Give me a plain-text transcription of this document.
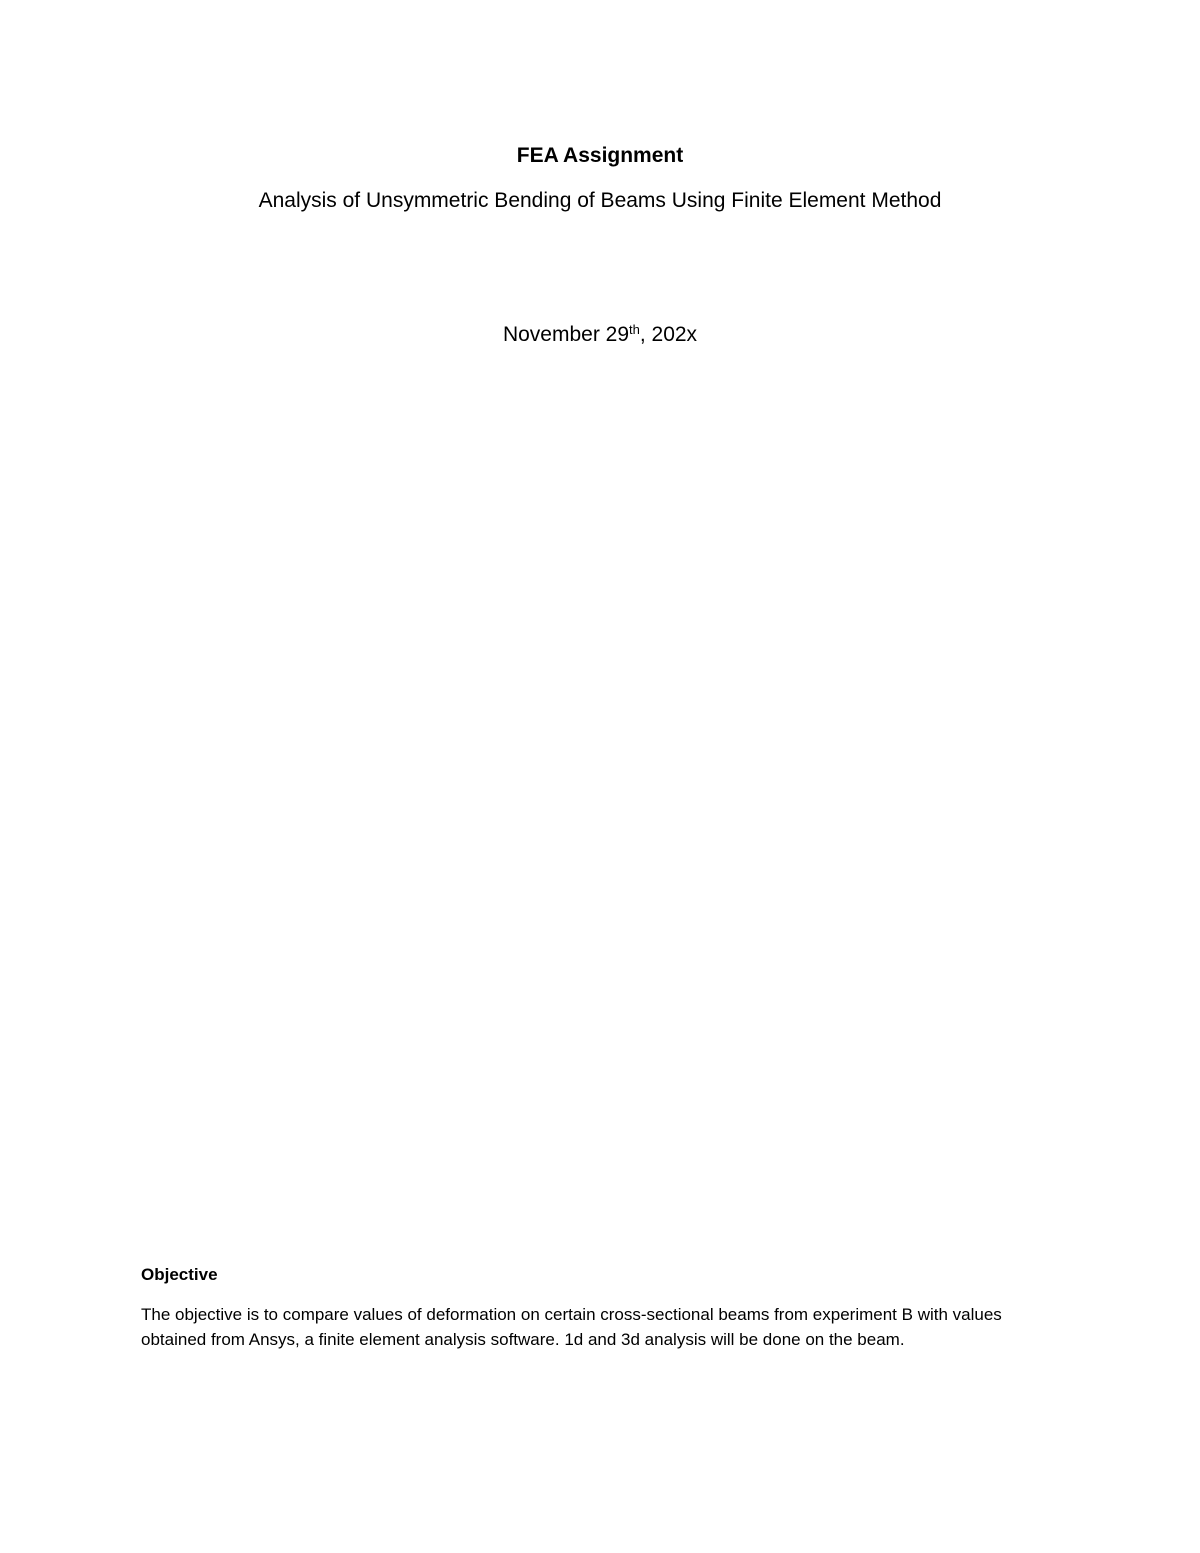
FEA Assignment
Analysis of Unsymmetric Bending of Beams Using Finite Element Method
November 29th, 202x
Objective

The objective is to compare values of deformation on certain cross-sectional beams from experiment B with values obtained from Ansys, a finite element analysis software. 1d and 3d analysis will be done on the beam.
